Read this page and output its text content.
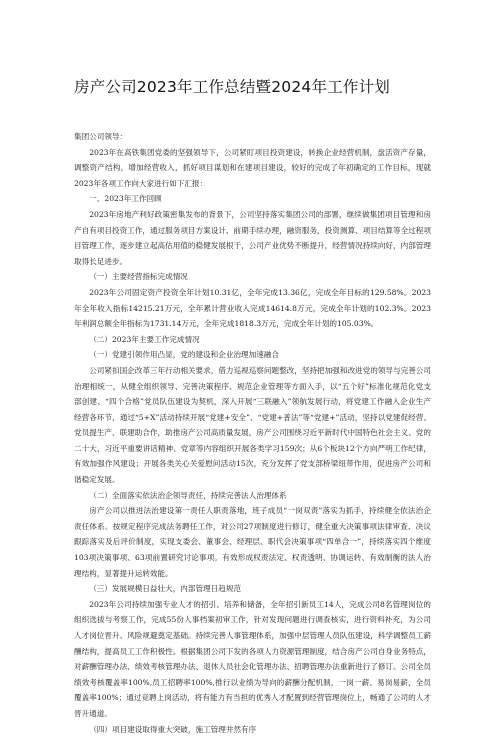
房产公司2023年工作总结暨2024年工作计划

集团公司领导：

2023年在高铁集团党委的坚强领导下，公司紧盯项目投资建设，转换企业经营机制，盘活资产存量，调整资产结构，增加经营收入，抓好项目谋划和在建项目建设，较好的完成了年初确定的工作目标，现就2023年各项工作向大家进行如下汇报：

一、2023年工作回顾

2023年房地产利好政策密集发布的背景下，公司坚持落实集团公司的部署，继续做集团项目管理和房产自有项目投资工作，通过服务项目方案设计、前期手续办理，融资服务，投资测算、项目结算等全过程项目管理工作，逐步建立起高估用值的稳健发展根干，公司产业优势不断提升，经营情况持续向好，内部管理取得长足进步。

（一）主要经营指标完成情况

2023年公司固定资产投资全年计划10.31亿，全年完成13.36亿，完成全年目标的129.58%。2023年全年收入指标14215.21万元，全年累计营业收入完成14614.8万元，完成全年计划的102.3%。2023年利润总额全年指标为1731.14万元，全年完成1818.3万元，完成全年计划的105.03%。

（二）2023年主要工作完成情况

（一）党建引领作用凸显，党的建设和企业治理加速融合

公司紧扣国企改革三年行动相关要求，借力巡视巡察问题整改，坚持把加强和改进党的领导与完善公司治理相统一，从健全组织领导、完善决策程序、规范企业管理等方面入手，以“五个好”标准化规范化党支部创建、“四个合格”党员队伍建设为契机，深入开展“三联融入”领航发展行动，将党建工作融入企业生产经营各环节，通过“5+X”活动持续开展“党建+安全”、“党建+普法”等“党建+”活动，坚持以党建促经营、党员提生产、联建助合作，助推房产公司高质量发展，房产公司围绕习近平新时代中国特色社会主义、党的二十大、习近平重要讲话精神、党章等内容组织开展各类学习159次；从6个板块12个方向严明工作纪律，有效加强作风建设；开展各类关心关爱慰问活动15次，充分发挥了党支部桥梁纽带作用，促进房产公司和谐稳定发展。

（二）全面落实依法治企领导责任，持续完善法人治理体系

房产公司以推进法治建设第一责任人职责落地，班子成员“一岗双责”落实为抓手，持续健全依法治企责任体系。按规定程序完成法务聘任工作，对公司27项制度进行修订，健全重大决策事项法律审查、决议跟踪落实及后评价制度，实现支委会、董事会、经理层、职代会决策事项“四单合一”，持续落实四个维度103项决策事项、63项前置研究讨论事项。有效形成权责法定、权责透明、协调运转、有效制衡的法人治理结构，显著提升运转效能。

（三）发展规模日益壮大，内部管理日趋规范

2023年公司持续加强专业人才的招引、培养和储备，全年招引新员工14人，完成公司8名管理岗位的组织选拔与考察工作，完成55份人事档案初审工作，针对发现问题进行调查核实，进行资料补充，为公司人才岗位晋升、风险规避奠定基础。持续完善人事管理体系，加强中层管理人员队伍建设，科学调整员工薪酬结构，提高员工工作积极性。根据集团公司下发的各项人力资源管理制度，结合房产公司自身业务特点，对薪酬管理办法、绩效考核管理办法、退休人员社会化管理办法、招聘管理办法重新进行了修订。公司全员绩效考核覆盖率100%,员工招聘率100%,推行以业绩为导向的薪酬分配机制，一岗一薪、易岗易薪，全员覆盖率100%；通过竞聘上岗活动，将有能力有当担的优秀人才配置到经营管理岗位上，畅通了公司的人才晋升通道。

（四）项目建设取得重大突破，施工管理井然有序
